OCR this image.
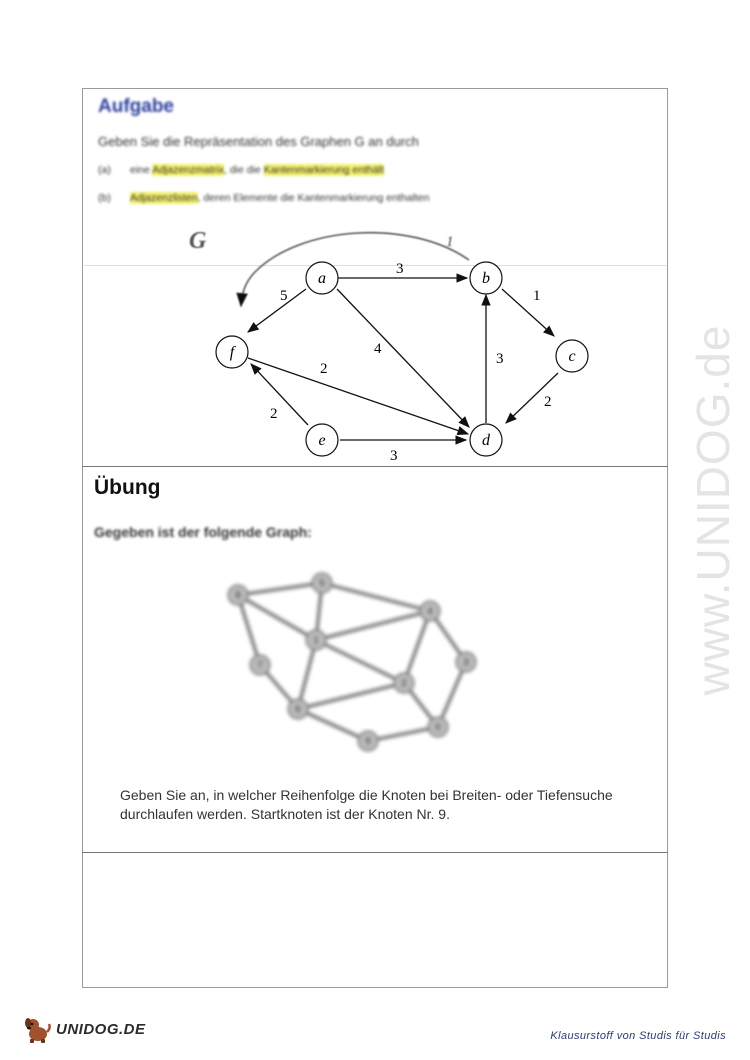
Aufgabe
Geben Sie die Repräsentation des Graphen G an durch
(a) eine Adjazenzmatrix, die die Kantenmarkierung enthält
(b) Adjazenzlisten, deren Elemente die Kantenmarkierung enthalten
G	1
3
5	1
4
3
2
2
2
3
a	b
c
d
e
f
Übung
Gegeben ist der folgende Graph:
8
5
4
1
7	3
2
6
9
0
Geben Sie an, in welcher Reihenfolge die Knoten bei Breiten- oder Tiefensuche durchlaufen werden. Startknoten ist der Knoten Nr. 9.
www.UNIDOG.de
UNIDOG.DE	Klausurstoff von Studis für Studis
